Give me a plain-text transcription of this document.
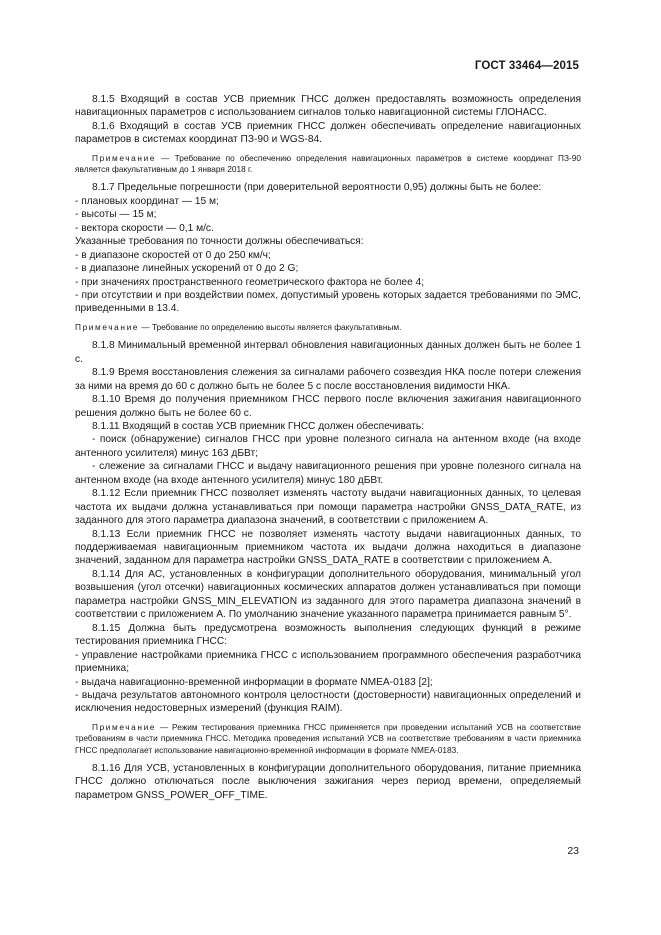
ГОСТ 33464—2015

8.1.5 Входящий в состав УСВ приемник ГНСС должен предоставлять возможность определения навигационных параметров с использованием сигналов только навигационной системы ГЛОНАСС.

8.1.6 Входящий в состав УСВ приемник ГНСС должен обеспечивать определение навигационных параметров в системах координат ПЗ-90 и WGS-84.

Примечание — Требование по обеспечению определения навигационных параметров в системе координат ПЗ-90 является факультативным до 1 января 2018 г.

8.1.7 Предельные погрешности (при доверительной вероятности 0,95) должны быть не более:

- плановых координат — 15 м;

- высоты — 15 м;

- вектора скорости — 0,1 м/с.

Указанные требования по точности должны обеспечиваться:

- в диапазоне скоростей от 0 до 250 км/ч;

- в диапазоне линейных ускорений от 0 до 2 G;

- при значениях пространственного геометрического фактора не более 4;

- при отсутствии и при воздействии помех, допустимый уровень которых задается требованиями по ЭМС, приведенными в 13.4.

Примечание — Требование по определению высоты является факультативным.

8.1.8 Минимальный временной интервал обновления навигационных данных должен быть не более 1 с.

8.1.9 Время восстановления слежения за сигналами рабочего созвездия НКА после потери слежения за ними на время до 60 с должно быть не более 5 с после восстановления видимости НКА.

8.1.10 Время до получения приемником ГНСС первого после включения зажигания навигационного решения должно быть не более 60 с.

8.1.11 Входящий в состав УСВ приемник ГНСС должен обеспечивать:

- поиск (обнаружение) сигналов ГНСС при уровне полезного сигнала на антенном входе (на входе антенного усилителя) минус 163 дБВт;

- слежение за сигналами ГНСС и выдачу навигационного решения при уровне полезного сигнала на антенном входе (на входе антенного усилителя) минус 180 дБВт.

8.1.12 Если приемник ГНСС позволяет изменять частоту выдачи навигационных данных, то целевая частота их выдачи должна устанавливаться при помощи параметра настройки GNSS_DATA_RATE, из заданного для этого параметра диапазона значений, в соответствии с приложением А.

8.1.13 Если приемник ГНСС не позволяет изменять частоту выдачи навигационных данных, то поддерживаемая навигационным приемником частота их выдачи должна находиться в диапазоне значений, заданном для параметра настройки GNSS_DATA_RATE в соответствии с приложением А.

8.1.14 Для АС, установленных в конфигурации дополнительного оборудования, минимальный угол возвышения (угол отсечки) навигационных космических аппаратов должен устанавливаться при помощи параметра настройки GNSS_MIN_ELEVATION из заданного для этого параметра диапазона значений в соответствии с приложением А. По умолчанию значение указанного параметра принимается равным 5°.

8.1.15 Должна быть предусмотрена возможность выполнения следующих функций в режиме тестирования приемника ГНСС:

- управление настройками приемника ГНСС с использованием программного обеспечения разработчика приемника;

- выдача навигационно-временной информации в формате NMEA-0183 [2];

- выдача результатов автономного контроля целостности (достоверности) навигационных определений и исключения недостоверных измерений (функция RAIM).

Примечание — Режим тестирования приемника ГНСС применяется при проведении испытаний УСВ на соответствие требованиям в части приемника ГНСС. Методика проведения испытаний УСВ на соответствие требованиям в части приемника ГНСС предполагает использование навигационно-временной информации в формате NMEA-0183.

8.1.16 Для УСВ, установленных в конфигурации дополнительного оборудования, питание приемника ГНСС должно отключаться после выключения зажигания через период времени, определяемый параметром GNSS_POWER_OFF_TIME.

23
